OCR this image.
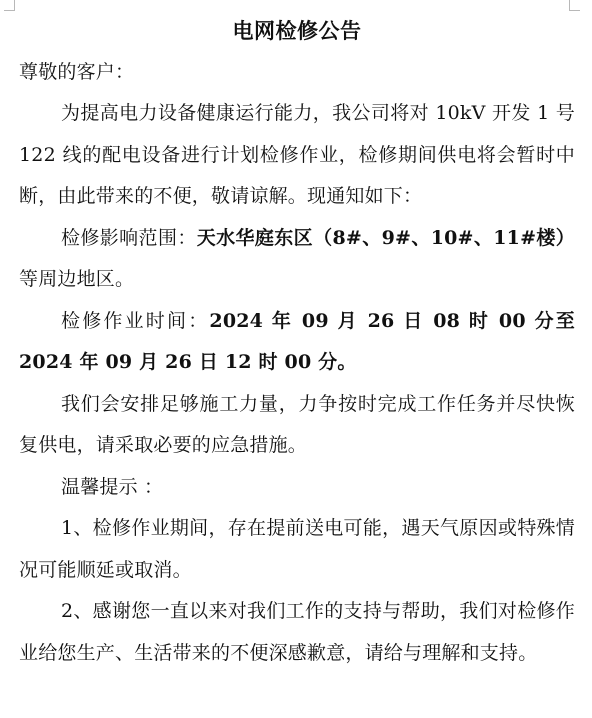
电网检修公告

尊敬的客户：

为提高电力设备健康运行能力，我公司将对 10kV 开发 1 号 122 线的配电设备进行计划检修作业，检修期间供电将会暂时中断，由此带来的不便，敬请谅解。现通知如下：

检修影响范围：天水华庭东区（8#、9#、10#、11#楼）等周边地区。

检修作业时间：2024 年 09 月 26 日 08 时 00 分至 2024 年 09 月 26 日 12 时 00 分。

我们会安排足够施工力量，力争按时完成工作任务并尽快恢复供电，请采取必要的应急措施。

温馨提示 ：

1、检修作业期间，存在提前送电可能，遇天气原因或特殊情况可能顺延或取消。

2、感谢您一直以来对我们工作的支持与帮助，我们对检修作业给您生产、生活带来的不便深感歉意，请给与理解和支持。
